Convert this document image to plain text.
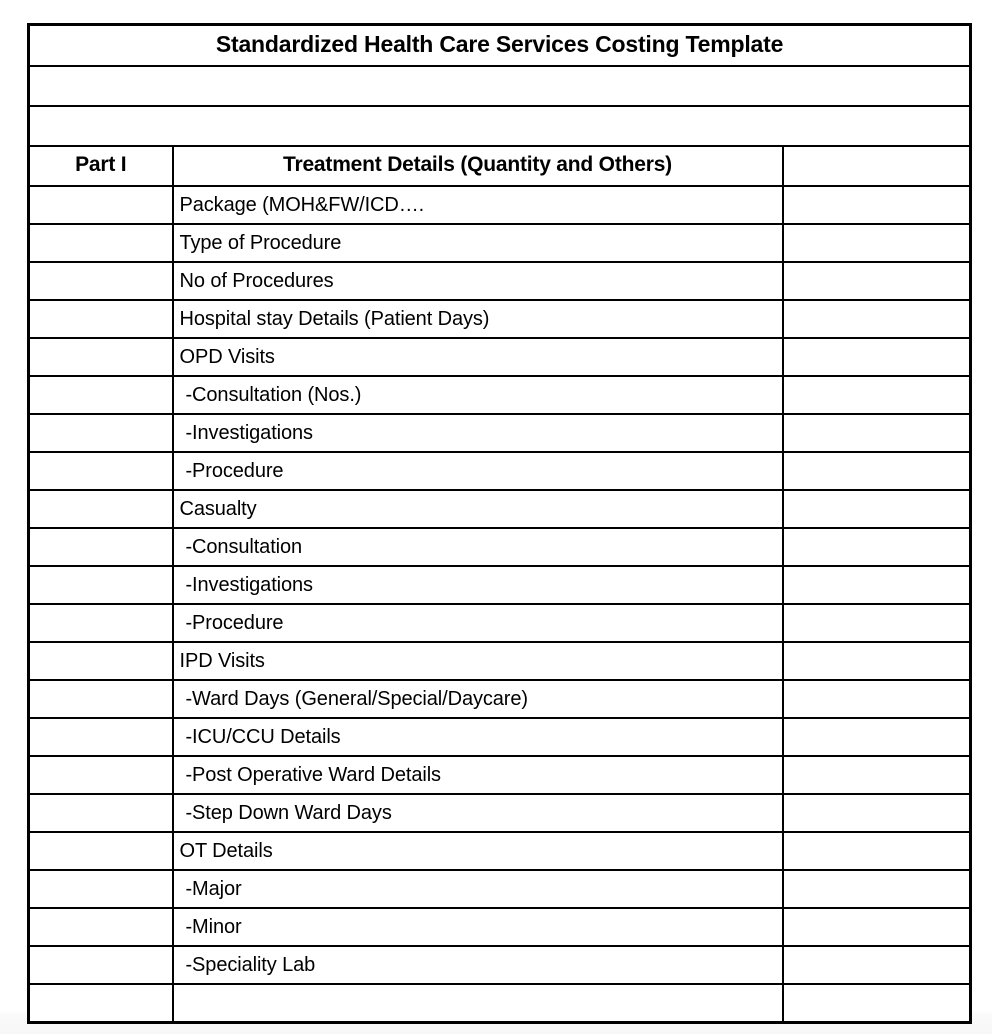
Standardized Health Care Services Costing Template		

Part I	Treatment Details (Quantity and Others)	
	Package (MOH&FW/ICD….	
	Type of Procedure	
	No of Procedures	
	Hospital stay Details (Patient Days)	
	OPD Visits	
	-Consultation (Nos.)	
	-Investigations	
	-Procedure	
	Casualty	
	-Consultation	
	-Investigations	
	-Procedure	
	IPD Visits	
	-Ward Days (General/Special/Daycare)	
	-ICU/CCU Details	
	-Post Operative Ward Details	
	-Step Down Ward Days	
	OT Details	
	-Major	
	-Minor	
	-Speciality Lab	
